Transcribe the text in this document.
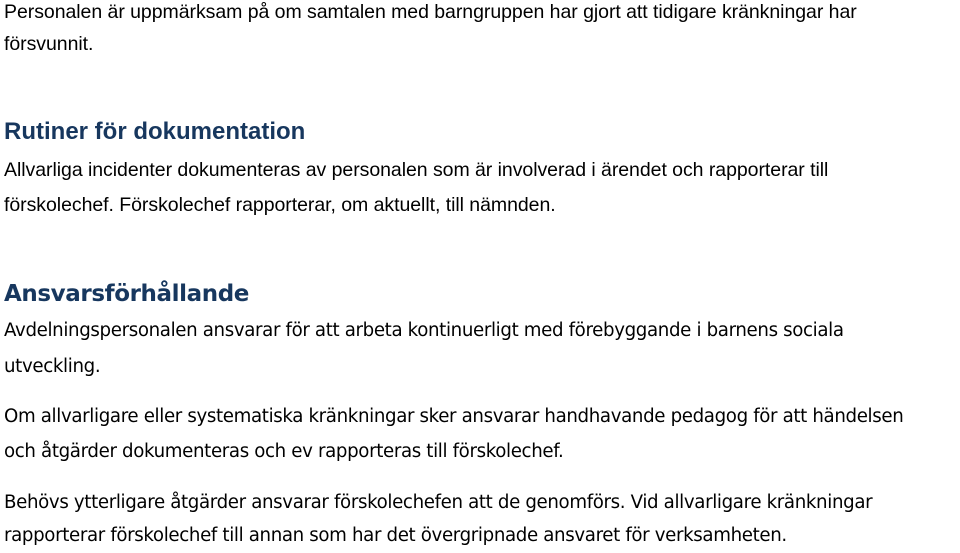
Personalen är uppmärksam på om samtalen med barngruppen har gjort att tidigare kränkningar har

försvunnit.

Rutiner för dokumentation

Allvarliga incidenter dokumenteras av personalen som är involverad i ärendet och rapporterar till

förskolechef. Förskolechef rapporterar, om aktuellt, till nämnden.

Ansvarsförhållande

Avdelningspersonalen ansvarar för att arbeta kontinuerligt med förebyggande i barnens sociala

utveckling.

Om allvarligare eller systematiska kränkningar sker ansvarar handhavande pedagog för att händelsen

och åtgärder dokumenteras och ev rapporteras till förskolechef.

Behövs ytterligare åtgärder ansvarar förskolechefen att de genomförs. Vid allvarligare kränkningar

rapporterar förskolechef till annan som har det övergripnade ansvaret för verksamheten.
